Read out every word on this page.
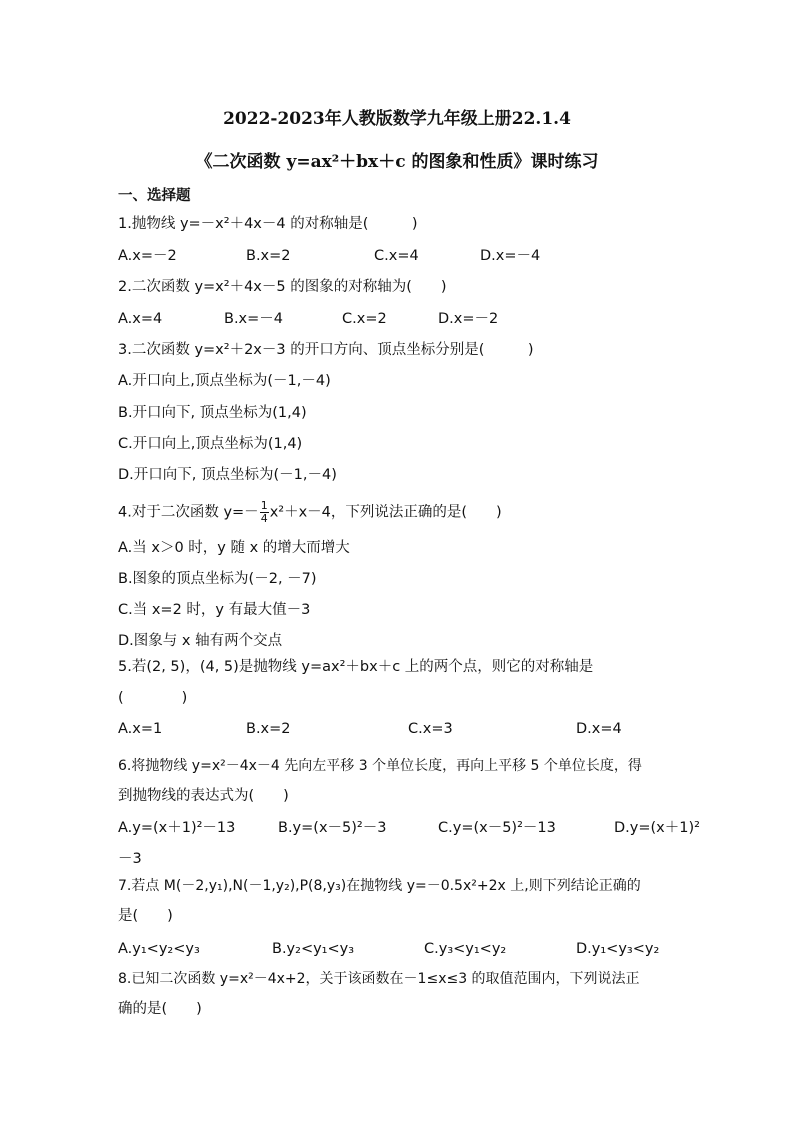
2022-2023年人教版数学九年级上册22.1.4
《二次函数 y=ax²＋bx＋c 的图象和性质》课时练习
一、选择题
1.抛物线 y=－x²＋4x－4 的对称轴是(　　　)
A.x=－2	B.x=2	C.x=4	D.x=－4
2.二次函数 y=x²＋4x－5 的图象的对称轴为(　　)
A.x=4	B.x=－4	C.x=2	D.x=－2
3.二次函数 y=x²＋2x－3 的开口方向、顶点坐标分别是(　　　)
A.开口向上,顶点坐标为(－1,－4)
B.开口向下, 顶点坐标为(1,4)
C.开口向上,顶点坐标为(1,4)
D.开口向下, 顶点坐标为(－1,－4)
4.对于二次函数 $y=- \frac{1}{4} x^2+x-4$，下列说法正确的是(　　)
A.当 x＞0 时，y 随 x 的增大而增大
B.图象的顶点坐标为(－2, －7)
C.当 x=2 时，y 有最大值－3
D.图象与 x 轴有两个交点
5.若(2, 5)，(4, 5)是抛物线 y=ax²＋bx＋c 上的两个点，则它的对称轴是
(　　　　)
A.x=1	B.x=2	C.x=3	D.x=4
6.将抛物线 y=x²－4x－4 先向左平移 3 个单位长度，再向上平移 5 个单位长度，得
到抛物线的表达式为(　　)
A.y=(x＋1)²－13	B.y=(x－5)²－3	C.y=(x－5)²－13	D.y=(x＋1)²
－3
7.若点 M(－2,y₁),N(－1,y₂),P(8,y₃)在抛物线 y=－0.5x²+2x 上,则下列结论正确的
是(　　)
A.y₁<y₂<y₃	B.y₂<y₁<y₃	C.y₃<y₁<y₂	D.y₁<y₃<y₂
8.已知二次函数 y=x²－4x+2，关于该函数在－1≤x≤3 的取值范围内，下列说法正
确的是(　　)
